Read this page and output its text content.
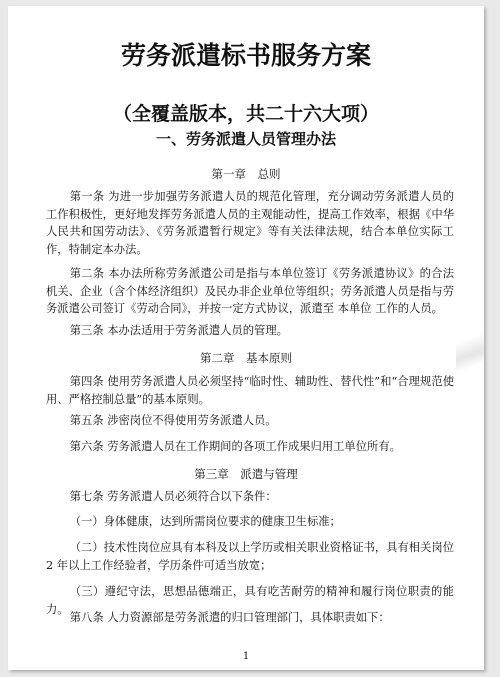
劳务派遣标书服务方案
（全覆盖版本，共二十六大项）
一、劳务派遣人员管理办法
第一章　总则
第一条 为进一步加强劳务派遣人员的规范化管理，充分调动劳务派遣人员的工作积极性，更好地发挥劳务派遣人员的主观能动性，提高工作效率，根据《中华人民共和国劳动法》、《劳务派遣暂行规定》等有关法律法规，结合本单位实际工作，特制定本办法。
第二条 本办法所称劳务派遣公司是指与本单位签订《劳务派遣协议》的合法机关、企业（含个体经济组织）及民办非企业单位等组织；劳务派遣人员是指与劳务派遣公司签订《劳动合同》，并按一定方式协议，派遣至 本单位 工作的人员。
第三条 本办法适用于劳务派遣人员的管理。
第二章　基本原则
第四条 使用劳务派遣人员必须坚持“临时性、辅助性、替代性”和“合理规范使用、严格控制总量”的基本原则。
第五条 涉密岗位不得使用劳务派遣人员。
第六条 劳务派遣人员在工作期间的各项工作成果归用工单位所有。
第三章　派遣与管理
第七条 劳务派遣人员必须符合以下条件：
（一）身体健康，达到所需岗位要求的健康卫生标准；
（二）技术性岗位应具有本科及以上学历或相关职业资格证书，具有相关岗位 2 年以上工作经验者，学历条件可适当放宽；
（三）遵纪守法，思想品德端正，具有吃苦耐劳的精神和履行岗位职责的能力。
第八条 人力资源部是劳务派遣的归口管理部门，具体职责如下：
1
